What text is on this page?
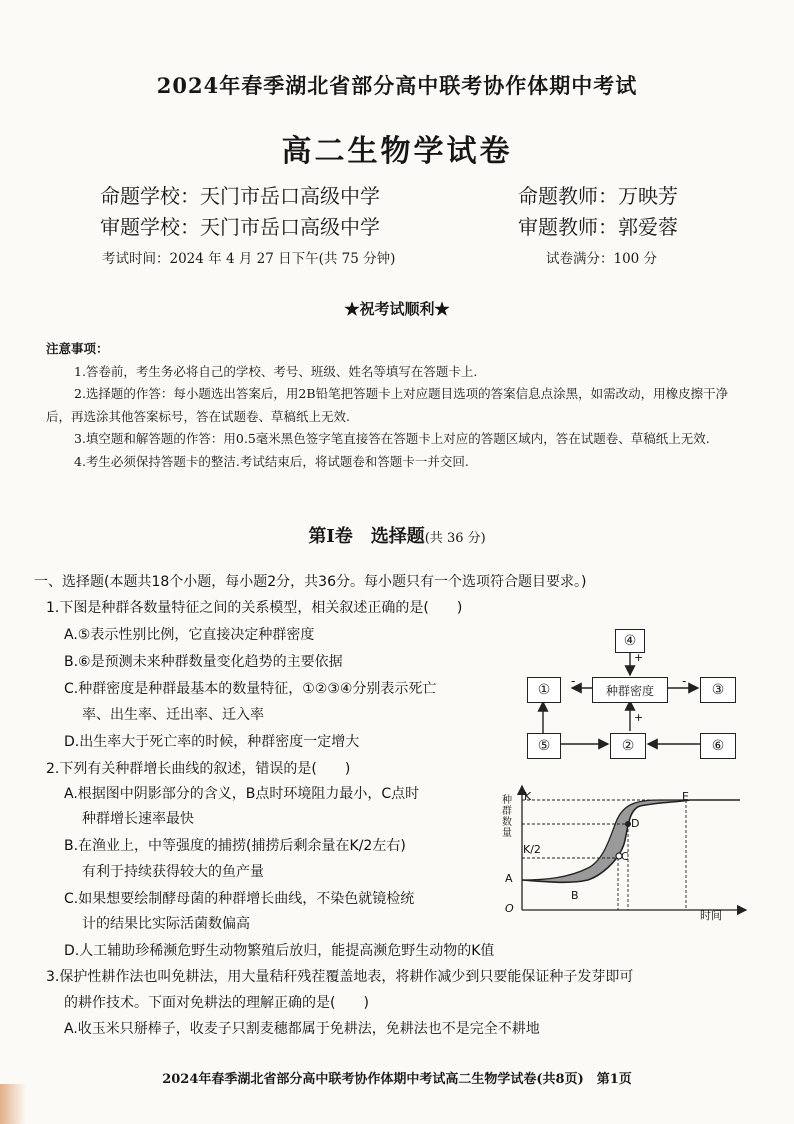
2024年春季湖北省部分高中联考协作体期中考试
高二生物学试卷
命题学校：天门市岳口高级中学	命题教师：万映芳
审题学校：天门市岳口高级中学	审题教师：郭爱蓉
考试时间：2024 年 4 月 27 日下午(共 75 分钟)	试卷满分：100 分
★祝考试顺利★

注意事项：

1.答卷前，考生务必将自己的学校、考号、班级、姓名等填写在答题卡上.

2.选择题的作答：每小题选出答案后，用2B铅笔把答题卡上对应题目选项的答案信息点涂黑，如需改动，用橡皮擦干净后，再选涂其他答案标号，答在试题卷、草稿纸上无效.

3.填空题和解答题的作答：用0.5毫米黑色签字笔直接答在答题卡上对应的答题区域内，答在试题卷、草稿纸上无效.

4.考生必须保持答题卡的整洁.考试结束后，将试题卷和答题卡一并交回.

第Ⅰ卷　选择题(共 36 分)
一、选择题(本题共18个小题，每小题2分，共36分。每小题只有一个选项符合题目要求。)
1.下图是种群各数量特征之间的关系模型，相关叙述正确的是(　　)
A.⑤表示性别比例，它直接决定种群密度
B.⑥是预测未来种群数量变化趋势的主要依据
C.种群密度是种群最基本的数量特征，①②③④分别表示死亡
率、出生率、迁出率、迁入率
D.出生率大于死亡率的时候，种群密度一定增大
④
种群密度
①	③
⑤	②	⑥
+
-	-
+
2.下列有关种群增长曲线的叙述，错误的是(　　)
A.根据图中阴影部分的含义，B点时环境阻力最小，C点时
种群增长速率最快
B.在渔业上，中等强度的捕捞(捕捞后剩余量在K/2左右)
有利于持续获得较大的鱼产量
C.如果想要绘制酵母菌的种群增长曲线，不染色就镜检统
计的结果比实际活菌数偏高
D.人工辅助珍稀濒危野生动物繁殖后放归，能提高濒危野生动物的K值
种群数量
时间
O
K
K/2
A
B
C
D
E
3.保护性耕作法也叫免耕法，用大量秸秆残茬覆盖地表，将耕作减少到只要能保证种子发芽即可
的耕作技术。下面对免耕法的理解正确的是(　　)
A.收玉米只掰棒子，收麦子只割麦穗都属于免耕法，免耕法也不是完全不耕地
2024年春季湖北省部分高中联考协作体期中考试高二生物学试卷(共8页)　第1页
